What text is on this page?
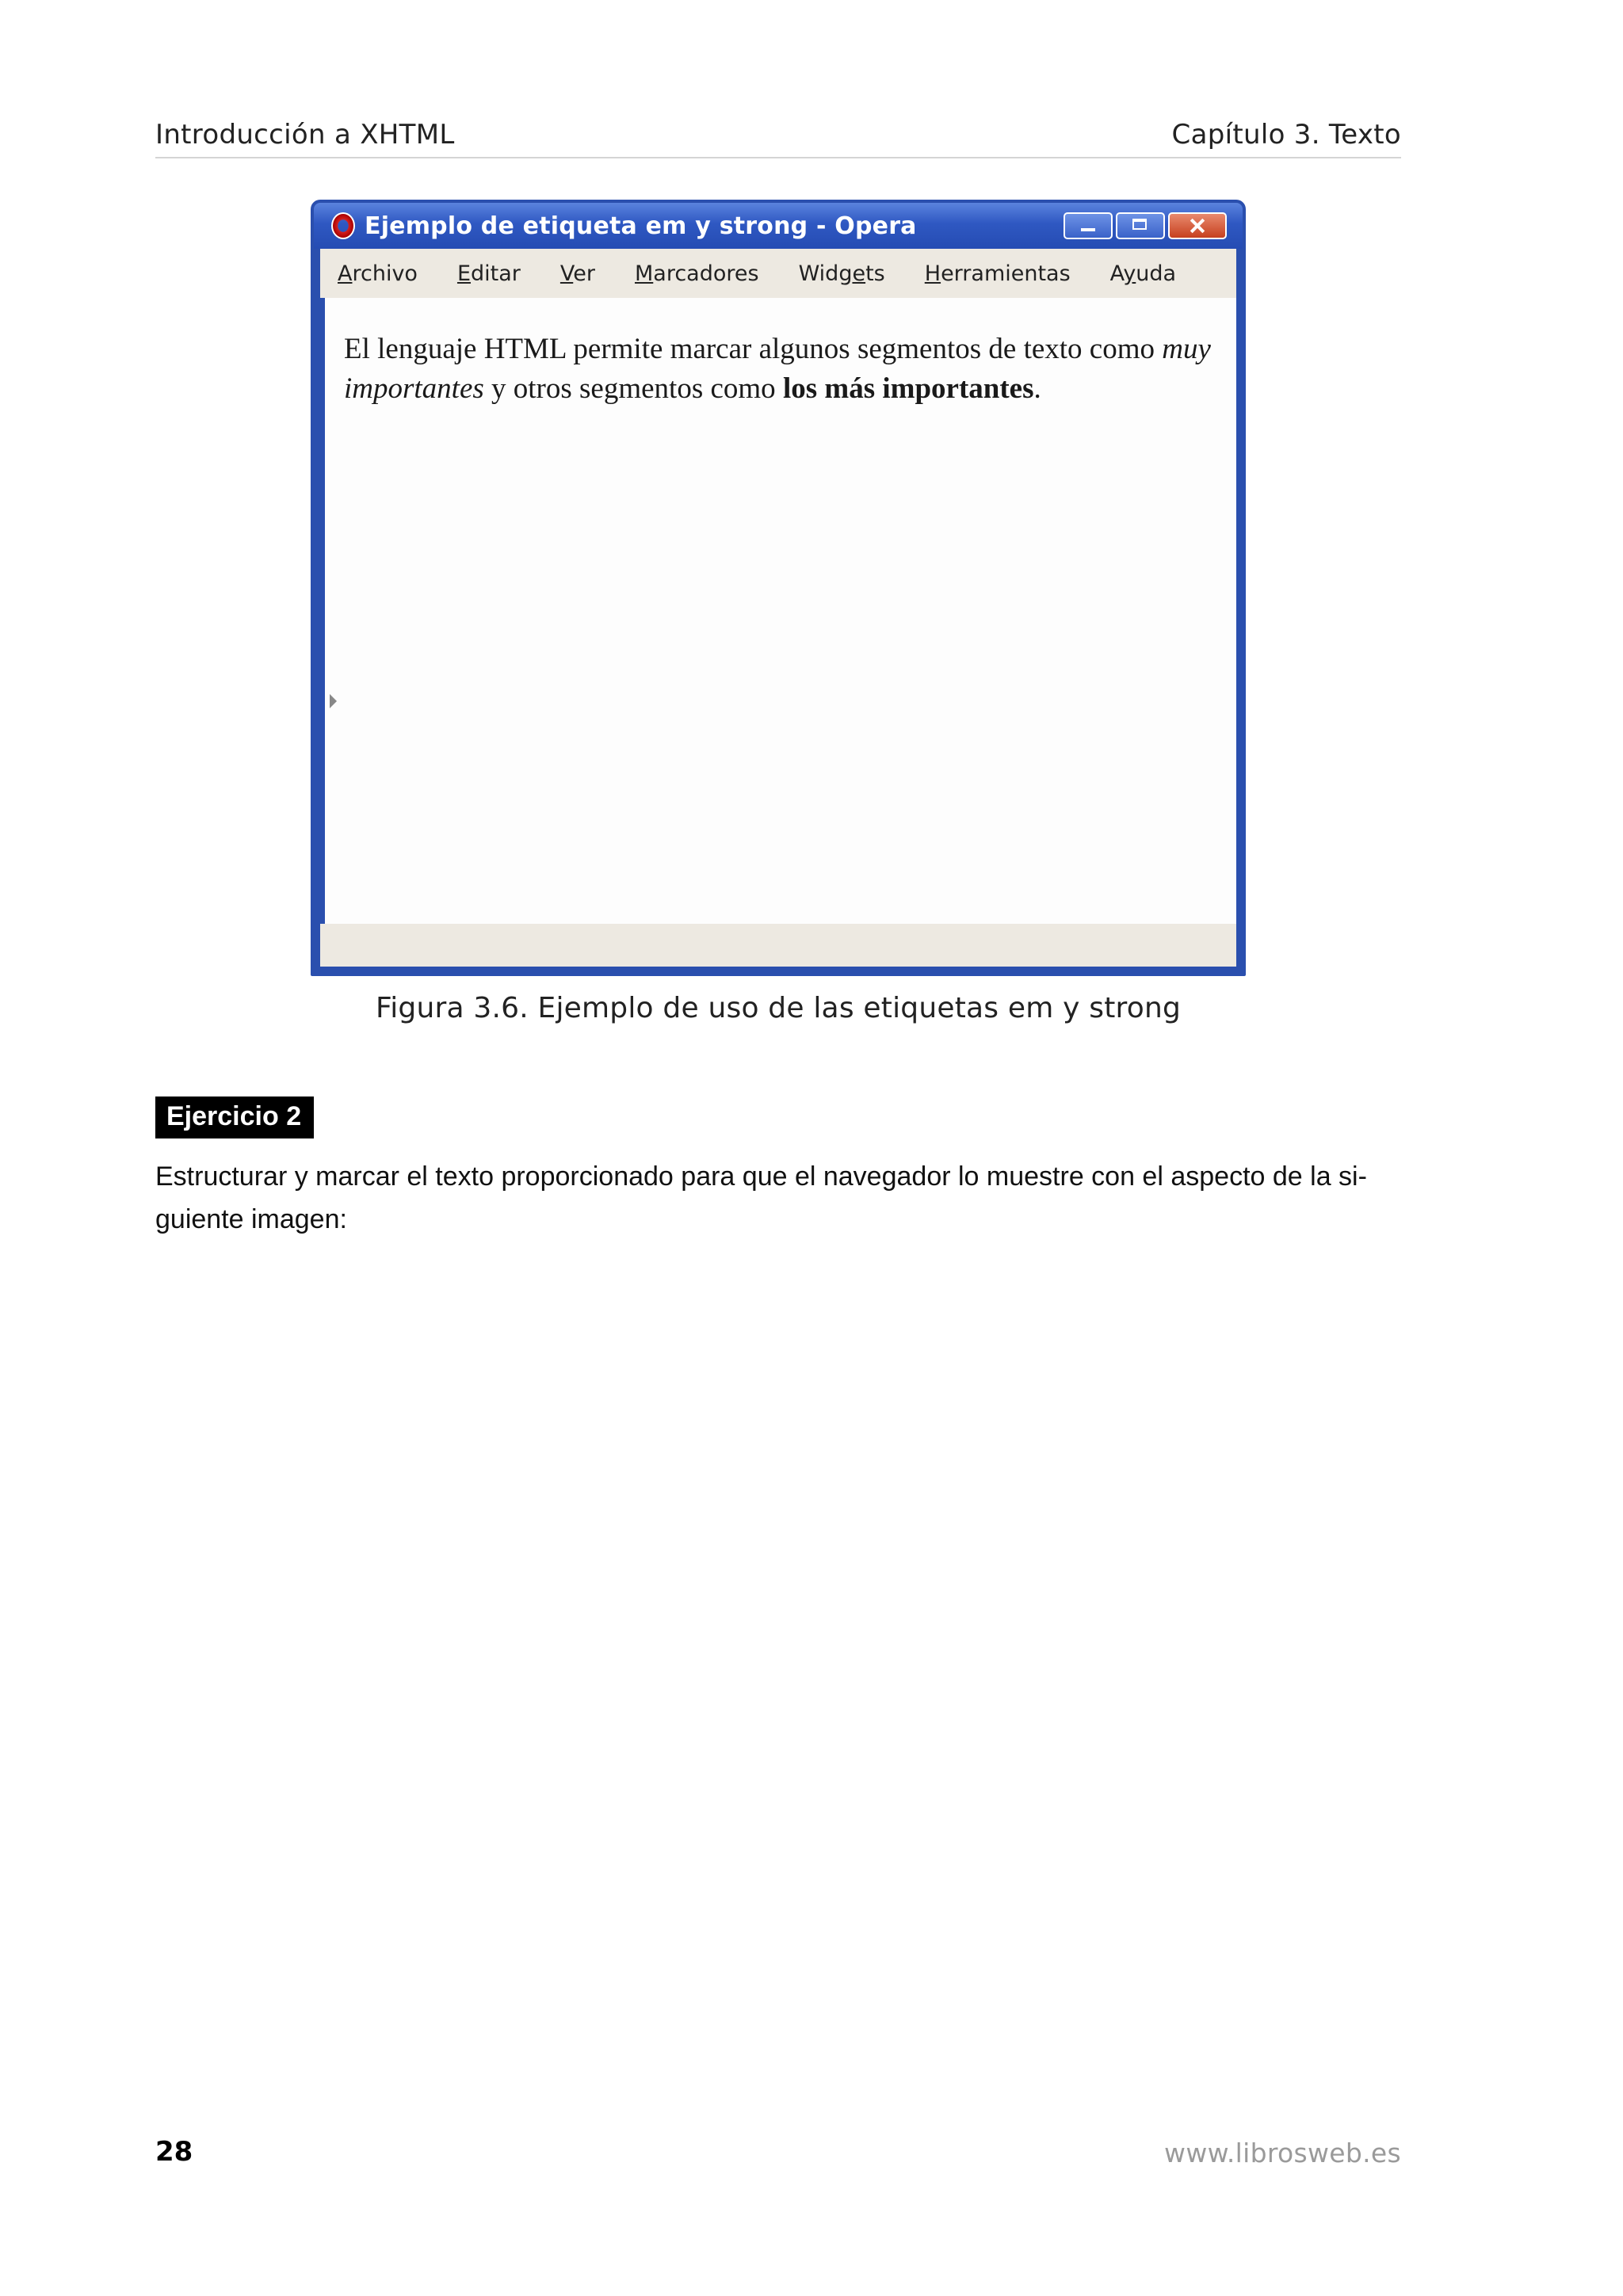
Introducción a XHTML	Capítulo 3. Texto
Ejemplo de etiqueta em y strong - Opera
Archivo Editar Ver Marcadores Widgets Herramientas Ayuda

El lenguaje HTML permite marcar algunos segmentos de texto como muy importantes y otros segmentos como los más importantes.

Figura 3.6. Ejemplo de uso de las etiquetas em y strong
Ejercicio 2
Estructurar y marcar el texto proporcionado para que el navegador lo muestre con el aspecto de la si-guiente imagen:
28	www.librosweb.es
